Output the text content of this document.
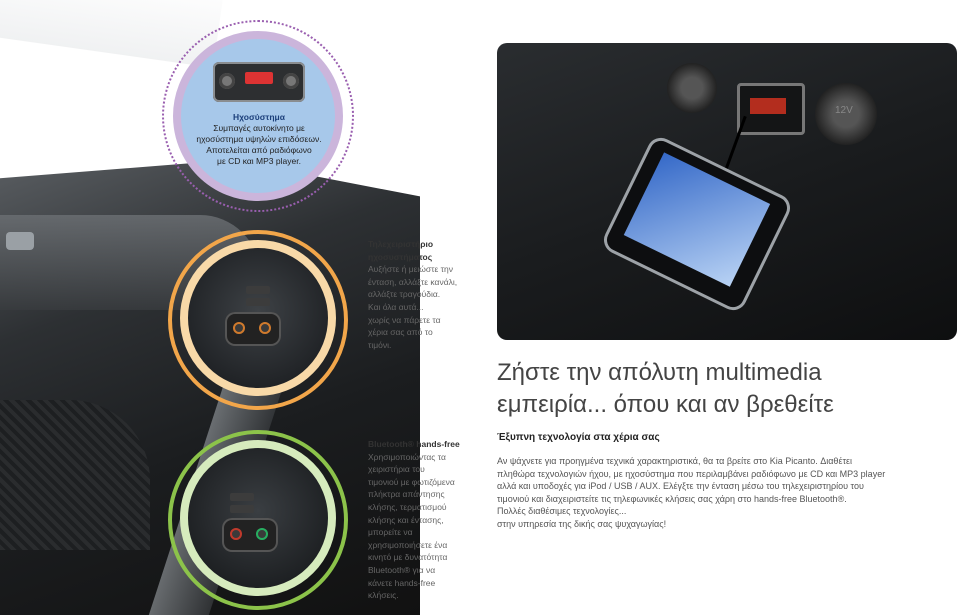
Ηχοσύστημα
Συμπαγές αυτοκίνητο με
ηχοσύστημα υψηλών επιδόσεων.
Αποτελείται από ραδιόφωνο
με CD και MP3 player.
Τηλεχειριστήριο
ηχοσυστήματος
Αυξήστε ή μειώστε την
ένταση, αλλάξτε κανάλι,
αλλάξτε τραγούδια.
Και όλα αυτά...
χωρίς να πάρετε τα
χέρια σας από το
τιμόνι.
Bluetooth® hands-free
Χρησιμοποιώντας τα
χειριστήρια του
τιμονιού με φωτιζόμενα
πλήκτρα απάντησης
κλήσης, τερματισμού
κλήσης και έντασης,
μπορείτε να
χρησιμοποιήσετε ένα
κινητό με δυνατότητα
Bluetooth® για να
κάνετε hands-free
κλήσεις.
12V
Ζήστε την απόλυτη multimedia
εμπειρία... όπου και αν βρεθείτε
Έξυπνη τεχνολογία στα χέρια σας
Αν ψάχνετε για προηγμένα τεχνικά χαρακτηριστικά, θα τα βρείτε στο Kia Picanto. Διαθέτει
πληθώρα τεχνολογιών ήχου, με ηχοσύστημα που περιλαμβάνει ραδιόφωνο με CD και MP3 player
αλλά και υποδοχές για iPod / USB / AUX. Ελέγξτε την ένταση μέσω του τηλεχειριστηρίου του
τιμονιού και διαχειριστείτε τις τηλεφωνικές κλήσεις σας χάρη στο hands-free Bluetooth®.
Πολλές διαθέσιμες τεχνολογίες...
στην υπηρεσία της δικής σας ψυχαγωγίας!
